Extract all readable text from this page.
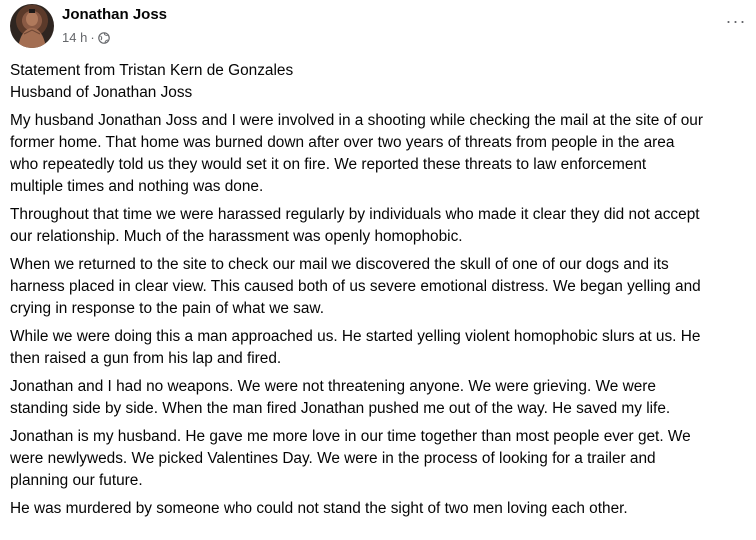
Jonathan Joss
14 h ·
···

Statement from Tristan Kern de Gonzales
Husband of Jonathan Joss

My husband Jonathan Joss and I were involved in a shooting while checking the mail at the site of our
former home. That home was burned down after over two years of threats from people in the area
who repeatedly told us they would set it on fire. We reported these threats to law enforcement
multiple times and nothing was done.

Throughout that time we were harassed regularly by individuals who made it clear they did not accept
our relationship. Much of the harassment was openly homophobic.

When we returned to the site to check our mail we discovered the skull of one of our dogs and its
harness placed in clear view. This caused both of us severe emotional distress. We began yelling and
crying in response to the pain of what we saw.

While we were doing this a man approached us. He started yelling violent homophobic slurs at us. He
then raised a gun from his lap and fired.

Jonathan and I had no weapons. We were not threatening anyone. We were grieving. We were
standing side by side. When the man fired Jonathan pushed me out of the way. He saved my life.

Jonathan is my husband. He gave me more love in our time together than most people ever get. We
were newlyweds. We picked Valentines Day. We were in the process of looking for a trailer and
planning our future.

He was murdered by someone who could not stand the sight of two men loving each other.
